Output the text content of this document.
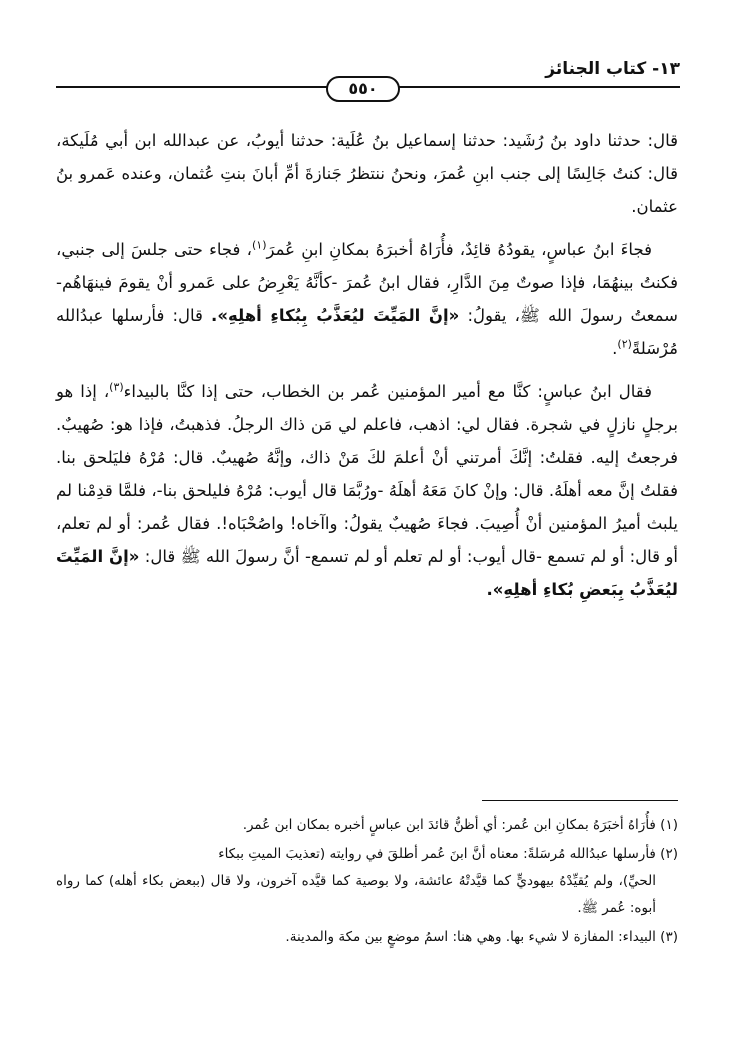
١٣- كتاب الجنائز
٥٥٠

قال: حدثنا داود بنُ رُشَيد: حدثنا إسماعيل بنُ عُلَية: حدثنا أيوبُ، عن عبدالله ابن أبي مُلَيكة، قال: كنتُ جَالِسًا إلى جنب ابنِ عُمرَ، ونحنُ ننتظرُ جَنازةَ أمِّ أبانَ بنتِ عُثمان، وعنده عَمرو بنُ عثمان.

فجاءَ ابنُ عباسٍ، يقودُهُ قائِدٌ، فأُرَاهُ أخبرَهُ بمكانِ ابنِ عُمرَ$^{(١)}$، فجاء حتى جلسَ إلى جنبي، فكنتُ بينهُمَا، فإذا صوتٌ مِنَ الدَّارِ، فقال ابنُ عُمرَ -كأنَّهُ يَعْرِضُ على عَمرو أنْ يقومَ فينهَاهُم- سمعتُ رسولَ الله ﷺ، يقولُ: «إنَّ المَيِّتَ ليُعَذَّبُ بِبُكاءِ أهلِهِ». قال: فأرسلها عبدُالله مُرْسَلةً$^{(٢)}$.

فقال ابنُ عباسٍ: كنَّا مع أمير المؤمنين عُمر بن الخطاب، حتى إذا كنَّا بالبيداء$^{(٣)}$، إذا هو برجلٍ نازلٍ في شجرة. فقال لي: اذهب، فاعلم لي مَن ذاك الرجلُ. فذهبتُ، فإذا هو: صُهيبٌ. فرجعتُ إليه. فقلتُ: إنَّكَ أمرتني أنْ أعلمَ لكَ مَنْ ذاك، وإنَّهُ صُهيبٌ. قال: مُرْهُ فليَلحق بنا. فقلتُ إنَّ معه أهلَهُ. قال: وإنْ كانَ مَعَهُ أهلَهُ -ورُبَّمَا قال أيوب: مُرْهُ فليلحق بنا-، فلمَّا قدِمْنا لم يلبث أميرُ المؤمنين أنْ أُصِيبَ. فجاءَ صُهيبٌ يقولُ: واآخاه! واصُحْبَاه!. فقال عُمر: أو لم تعلم، أو قال: أو لم تسمع -قال أيوب: أو لم تعلم أو لم تسمع- أنَّ رسولَ الله ﷺ قال: «إنَّ المَيِّتَ ليُعَذَّبُ بِبَعضِ بُكاءِ أهلِهِ».

(١) فأُرَاهُ أخبَرَهُ بمكانِ ابن عُمر: أي أظنُّ قائدَ ابن عباسٍ أخبره بمكان ابن عُمر.
(٢) فأرسلها عبدُالله مُرسَلةً: معناه أنَّ ابنَ عُمر أطلقَ في روايته (تعذيبَ الميتِ ببكاء
الحيِّ)، ولم يُقيِّدْهُ بيهوديٍّ كما قيَّدتْهُ عائشة، ولا بوصية كما قيَّده آخرون، ولا قال (ببعض بكاء أهله) كما رواه أبوه: عُمر ﷺ.
(٣) البيداء: المفازة لا شيء بها. وهي هنا: اسمُ موضعٍ بين مكة والمدينة.
